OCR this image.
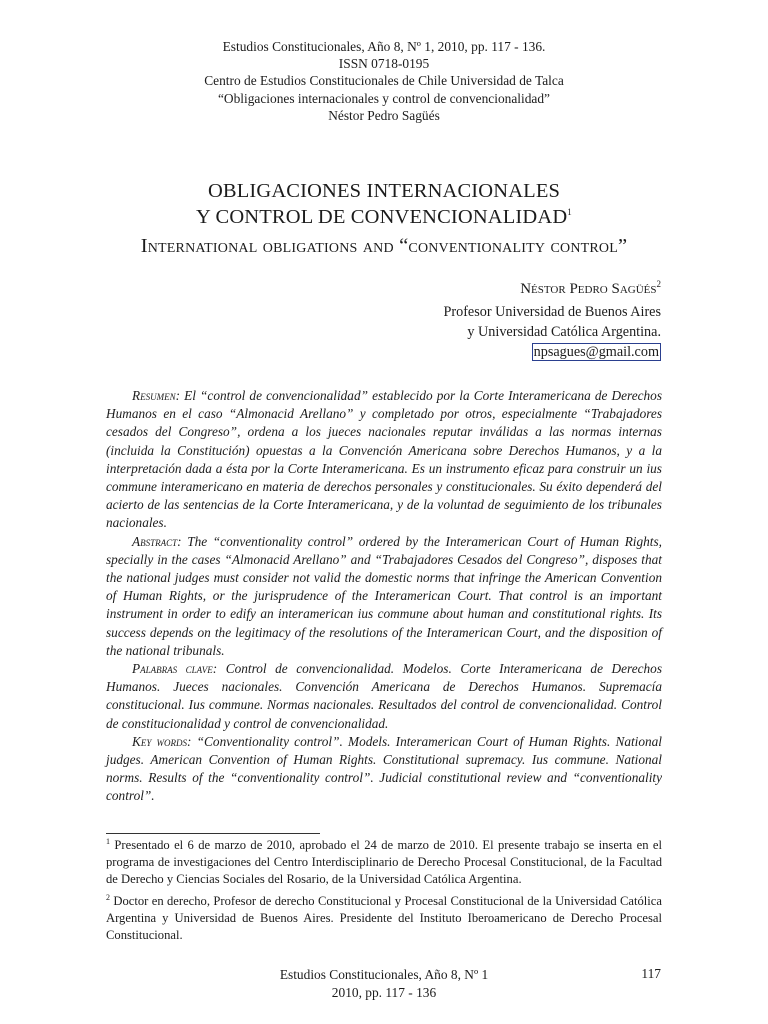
Estudios Constitucionales, Año 8, Nº 1, 2010, pp. 117 - 136.
ISSN 0718-0195
Centro de Estudios Constitucionales de Chile Universidad de Talca
“Obligaciones internacionales y control de convencionalidad”
Néstor Pedro Sagüés
OBLIGACIONES INTERNACIONALES
Y CONTROL DE CONVENCIONALIDAD$^1$
International obligations and “conventionality control”
Néstor Pedro Sagüés$^2$
Profesor Universidad de Buenos Aires
y Universidad Católica Argentina.
npsagues@gmail.com

Resumen: El “control de convencionalidad” establecido por la Corte Interamericana de Derechos Humanos en el caso “Almonacid Arellano” y completado por otros, especialmente “Trabajadores cesados del Congreso”, ordena a los jueces nacionales reputar inválidas a las normas internas (incluida la Constitución) opuestas a la Convención Americana sobre Derechos Humanos, y a la interpretación dada a ésta por la Corte Interamericana. Es un instrumento eficaz para construir un ius commune interamericano en materia de derechos personales y constitucionales. Su éxito dependerá del acierto de las sentencias de la Corte Interamericana, y de la voluntad de seguimiento de los tribunales nacionales.

Abstract: The “conventionality control” ordered by the Interamerican Court of Human Rights, specially in the cases “Almonacid Arellano” and “Trabajadores Cesados del Congreso”, disposes that the national judges must consider not valid the domestic norms that infringe the American Convention of Human Rights, or the jurisprudence of the Interamerican Court. That control is an important instrument in order to edify an interamerican ius commune about human and constitutional rights. Its success depends on the legitimacy of the resolutions of the Interamerican Court, and the disposition of the national tribunals.

Palabras clave: Control de convencionalidad. Modelos. Corte Interamericana de Derechos Humanos. Jueces nacionales. Convención Americana de Derechos Humanos. Supremacía constitucional. Ius commune. Normas nacionales. Resultados del control de convencionalidad. Control de constitucionalidad y control de convencionalidad.

Key words: “Conventionality control”. Models. Interamerican Court of Human Rights. National judges. American Convention of Human Rights. Constitutional supremacy. Ius commune. National norms. Results of the “conventionality control”. Judicial constitutional review and “conventionality control”.

$^1$ Presentado el 6 de marzo de 2010, aprobado el 24 de marzo de 2010. El presente trabajo se inserta en el programa de investigaciones del Centro Interdisciplinario de Derecho Procesal Constitucional, de la Facultad de Derecho y Ciencias Sociales del Rosario, de la Universidad Católica Argentina.
$^2$ Doctor en derecho, Profesor de derecho Constitucional y Procesal Constitucional de la Universidad Católica Argentina y Universidad de Buenos Aires. Presidente del Instituto Iberoamericano de Derecho Procesal Constitucional.
Estudios Constitucionales, Año 8, Nº 1
2010, pp. 117 - 136
117
